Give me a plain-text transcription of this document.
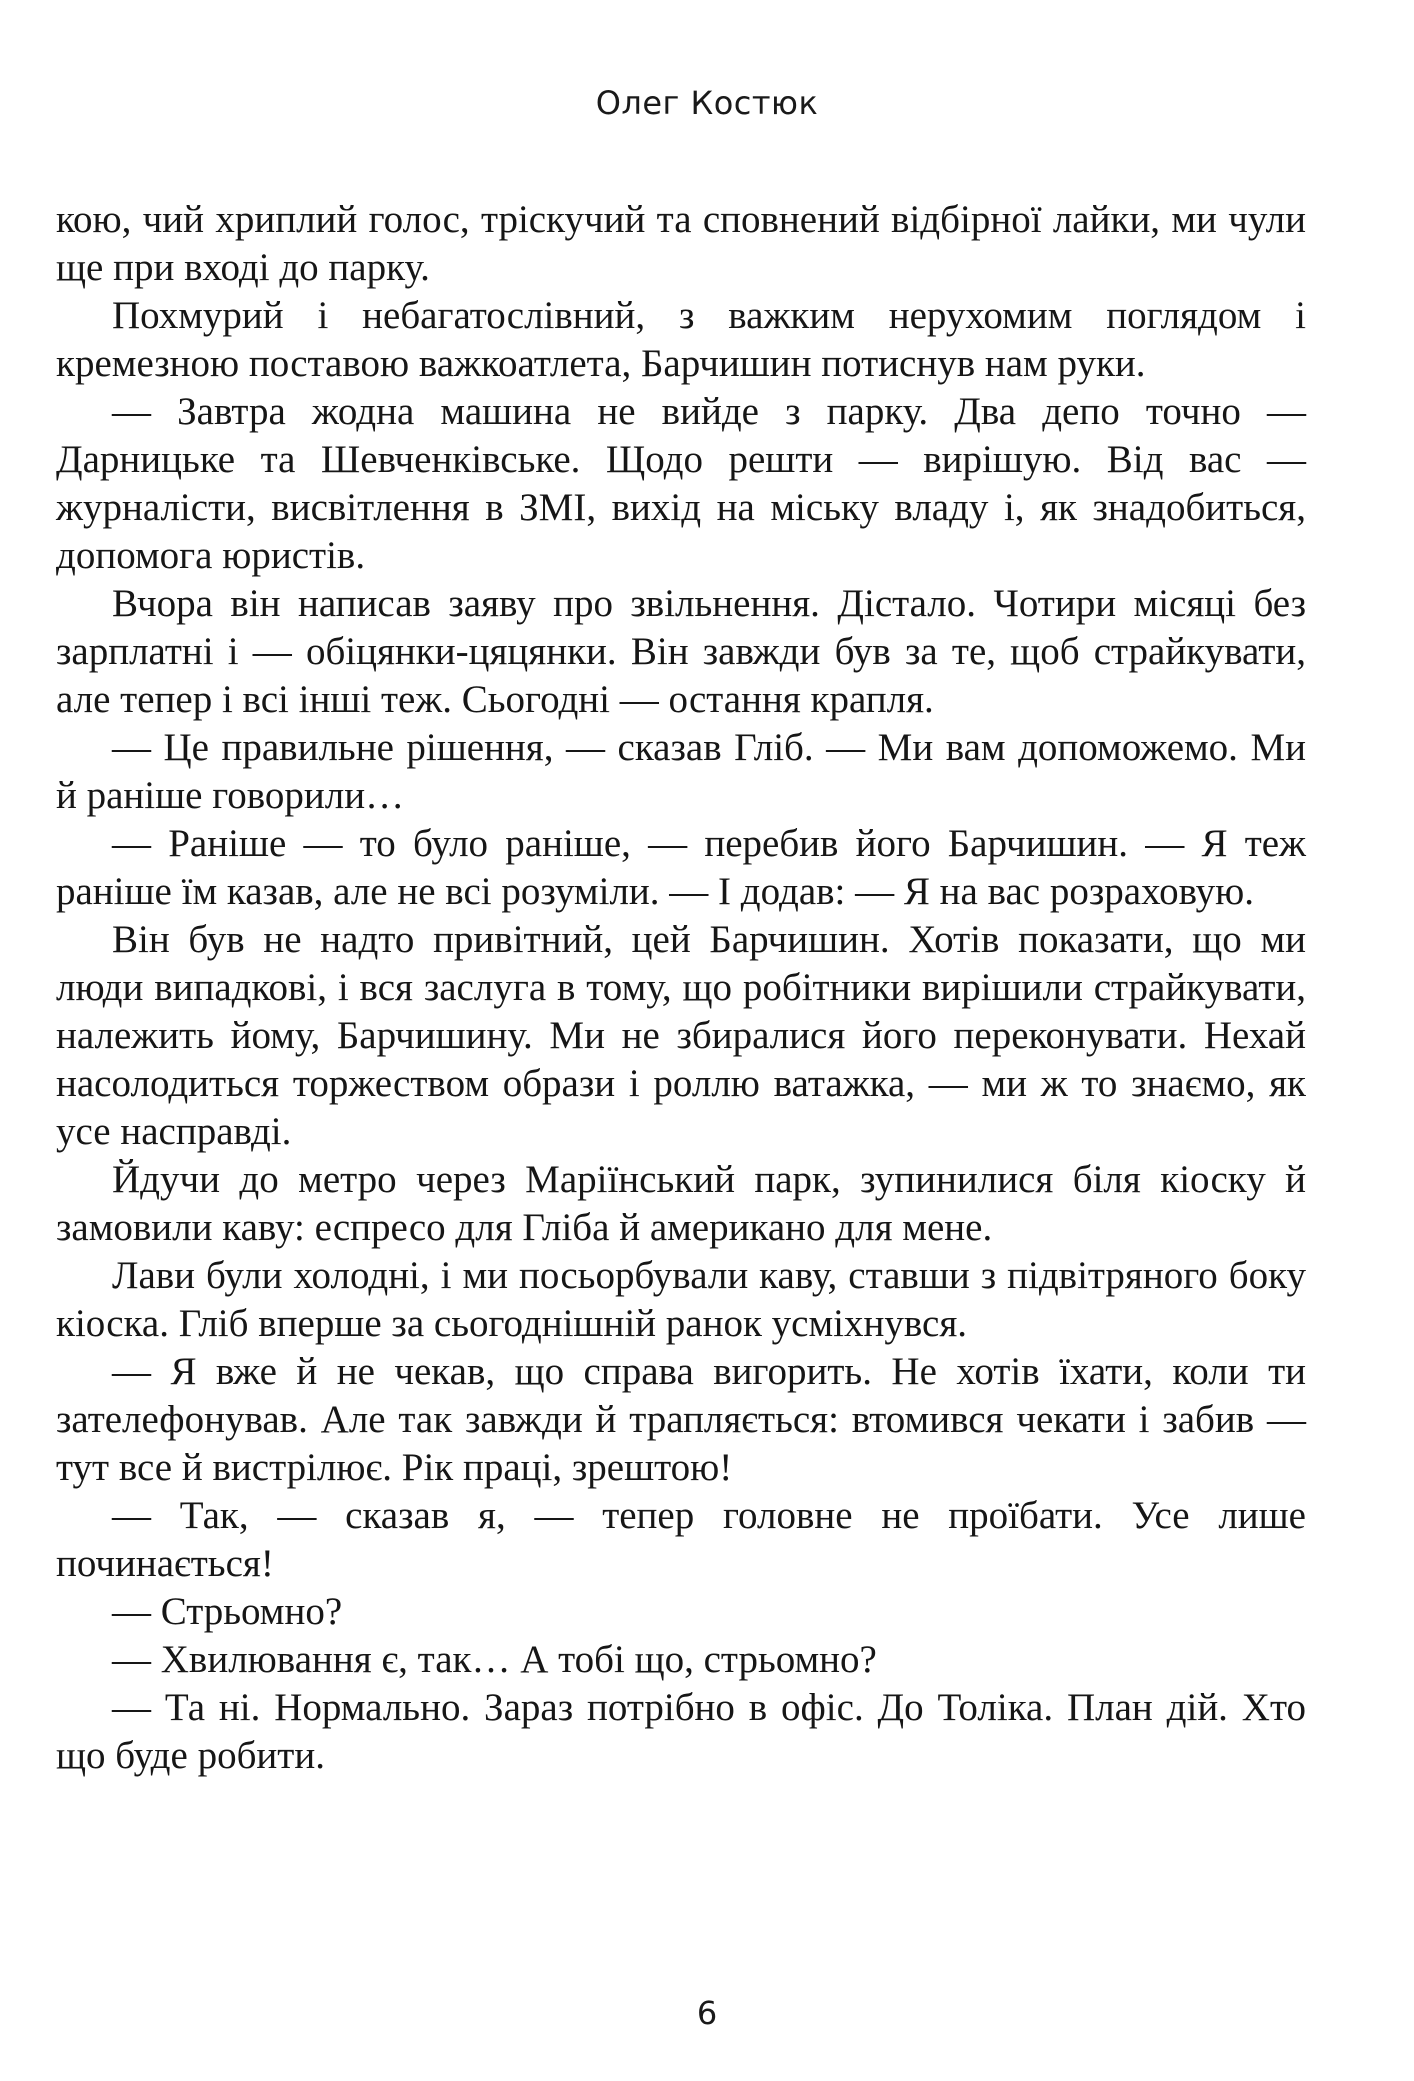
Олег Костюк

кою, чий хриплий голос, тріскучий та сповнений відбірної лайки, ми чули ще при вході до парку.

Похмурий і небагатослівний, з важким нерухомим поглядом і кремезною поставою важкоатлета, Барчишин потиснув нам руки.

— Завтра жодна машина не вийде з парку. Два депо точно — Дарницьке та Шевченківське. Щодо решти — вирішую. Від вас — журналісти, висвітлення в ЗМІ, вихід на міську владу і, як знадобиться, допомога юристів.

Вчора він написав заяву про звільнення. Дістало. Чотири місяці без зарплатні і — обіцянки-цяцянки. Він завжди був за те, щоб страйкувати, але тепер і всі інші теж. Сьогодні — остання крапля.

— Це правильне рішення, — сказав Гліб. — Ми вам допоможемо. Ми й раніше говорили…

— Раніше — то було раніше, — перебив його Барчишин. — Я теж раніше їм казав, але не всі розуміли. — І додав: — Я на вас розраховую.

Він був не надто привітний, цей Барчишин. Хотів показати, що ми люди випадкові, і вся заслуга в тому, що робітники вирішили страйкувати, належить йому, Барчишину. Ми не збиралися його переконувати. Нехай насолодиться торжеством образи і роллю ватажка, — ми ж то знаємо, як усе насправді.

Йдучи до метро через Маріїнський парк, зупинилися біля кіоску й замовили каву: еспресо для Гліба й американо для мене.

Лави були холодні, і ми посьорбували каву, ставши з підвітряного боку кіоска. Гліб вперше за сьогоднішній ранок усміхнувся.

— Я вже й не чекав, що справа вигорить. Не хотів їхати, коли ти зателефонував. Але так завжди й трапляється: втомився чекати і забив — тут все й вистрілює. Рік праці, зрештою!

— Так, — сказав я, — тепер головне не проїбати. Усе лише починається!

— Стрьомно?

— Хвилювання є, так… А тобі що, стрьомно?

— Та ні. Нормально. Зараз потрібно в офіс. До Толіка. План дій. Хто що буде робити.

6
